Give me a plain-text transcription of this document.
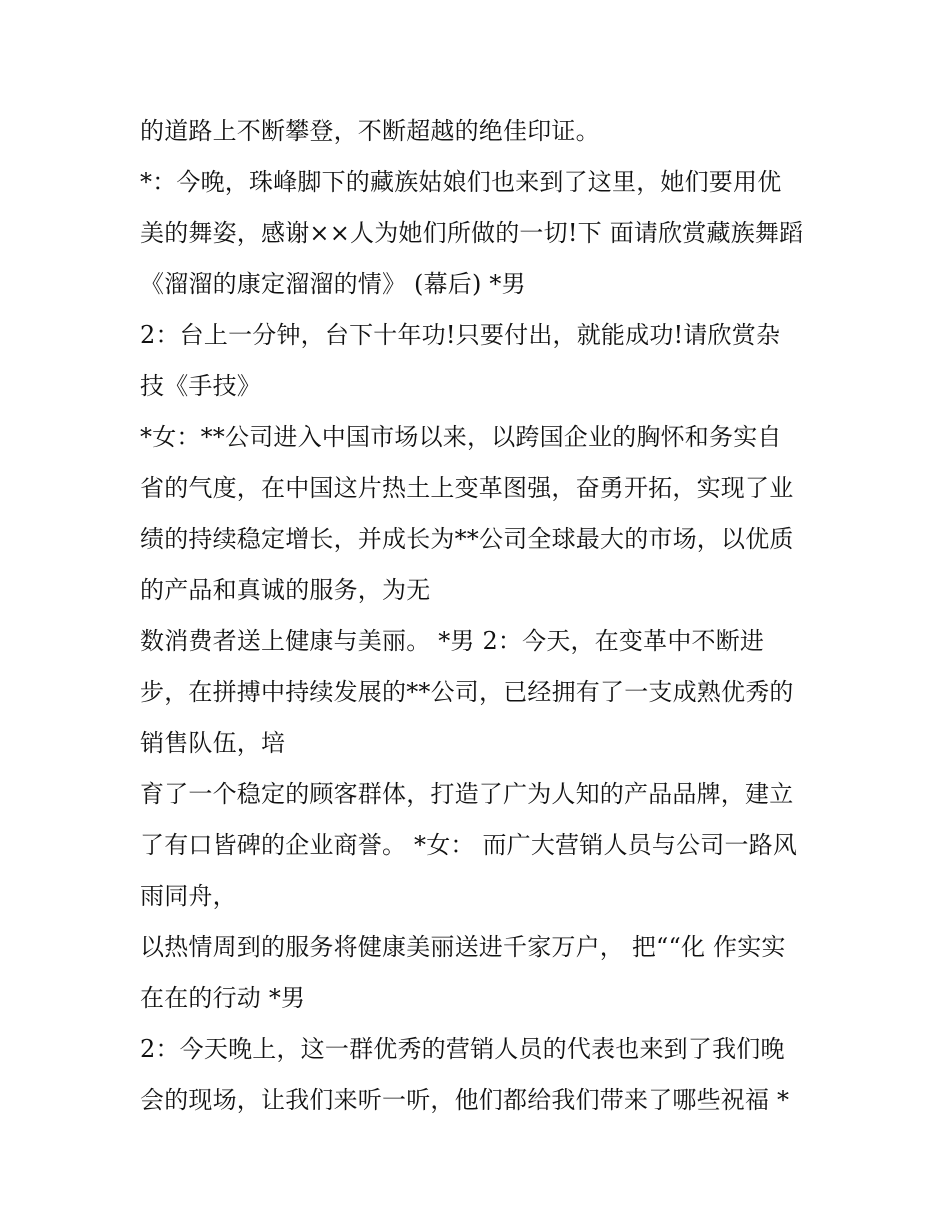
的道路上不断攀登，不断超越的绝佳印证。
*：今晚，珠峰脚下的藏族姑娘们也来到了这里，她们要用优
美的舞姿，感谢××人为她们所做的一切!下 面请欣赏藏族舞蹈
《溜溜的康定溜溜的情》 (幕后) *男
2：台上一分钟，台下十年功!只要付出，就能成功!请欣赏杂
技《手技》
*女：**公司进入中国市场以来，以跨国企业的胸怀和务实自
省的气度，在中国这片热土上变革图强，奋勇开拓，实现了业
绩的持续稳定增长，并成长为**公司全球最大的市场，以优质
的产品和真诚的服务，为无
数消费者送上健康与美丽。 *男 2：今天，在变革中不断进
步，在拼搏中持续发展的**公司，已经拥有了一支成熟优秀的
销售队伍，培
育了一个稳定的顾客群体，打造了广为人知的产品品牌，建立
了有口皆碑的企业商誉。 *女： 而广大营销人员与公司一路风
雨同舟，
以热情周到的服务将健康美丽送进千家万户， 把““化 作实实
在在的行动 *男
2：今天晚上，这一群优秀的营销人员的代表也来到了我们晚
会的现场，让我们来听一听，他们都给我们带来了哪些祝福 *
